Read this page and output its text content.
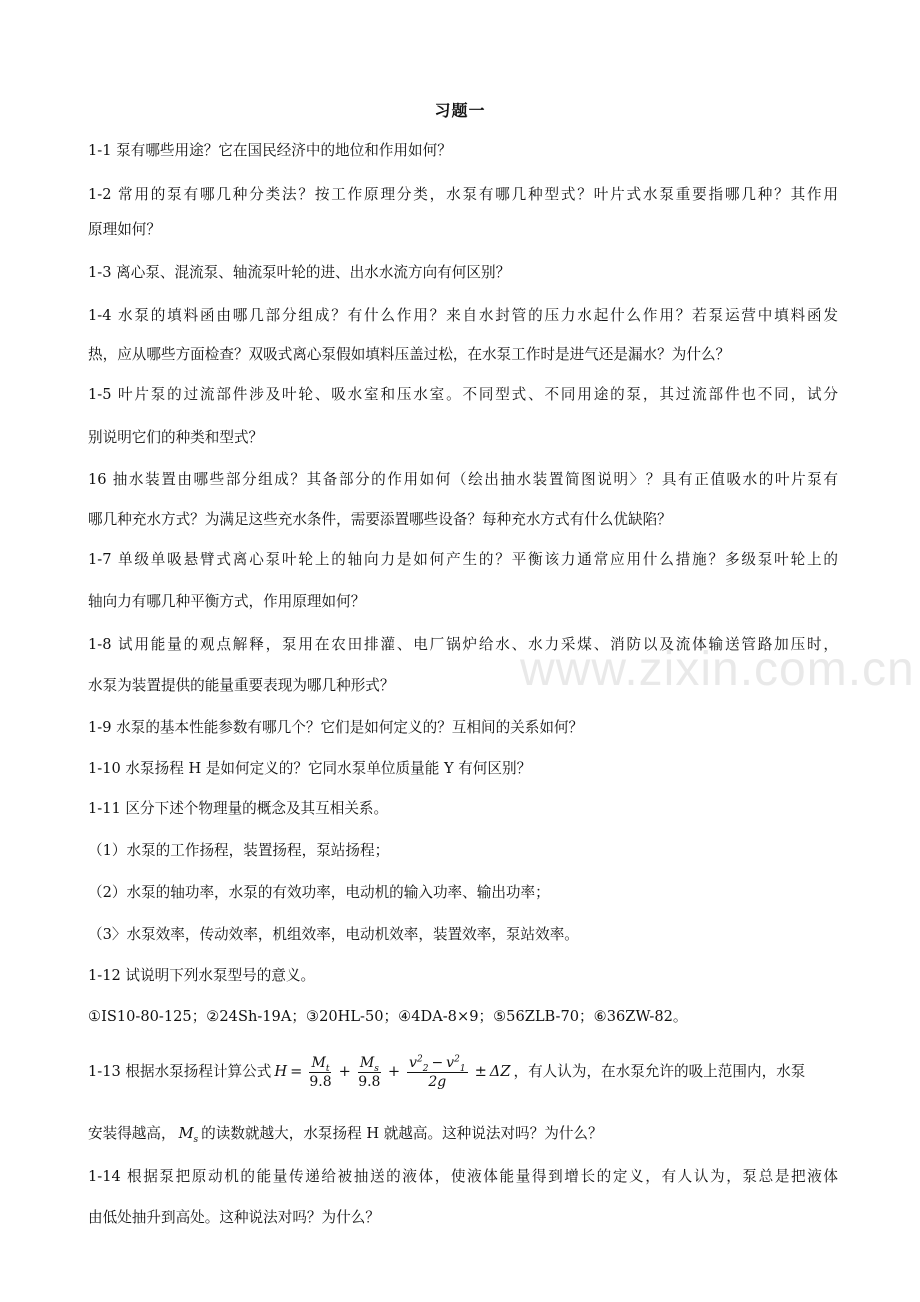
www.zixin.com.cn
习题一
1-1 泵有哪些用途？它在国民经济中的地位和作用如何？
1-2 常用的泵有哪几种分类法？按工作原理分类，水泵有哪几种型式？叶片式水泵重要指哪几种？其作用
原理如何？
1-3 离心泵、混流泵、轴流泵叶轮的进、出水水流方向有何区别？
1-4 水泵的填料函由哪几部分组成？有什么作用？来自水封管的压力水起什么作用？若泵运营中填料函发
热，应从哪些方面检查？双吸式离心泵假如填料压盖过松，在水泵工作时是进气还是漏水？为什么？
1-5 叶片泵的过流部件涉及叶轮、吸水室和压水室。不同型式、不同用途的泵，其过流部件也不同，试分
别说明它们的种类和型式？
16 抽水装置由哪些部分组成？其备部分的作用如何（绘出抽水装置简图说明〉？具有正值吸水的叶片泵有
哪几种充水方式？为满足这些充水条件，需要添置哪些设备？每种充水方式有什么优缺陷？
1-7 单级单吸悬臂式离心泵叶轮上的轴向力是如何产生的？平衡该力通常应用什么措施？多级泵叶轮上的
轴向力有哪几种平衡方式，作用原理如何？
1-8 试用能量的观点解释，泵用在农田排灌、电厂锅炉给水、水力采煤、消防以及流体输送管路加压时，
水泵为装置提供的能量重要表现为哪几种形式？
1-9 水泵的基本性能参数有哪几个？它们是如何定义的？互相间的关系如何？
1-10 水泵扬程 H 是如何定义的？它同水泵单位质量能 Y 有何区别？
1-11 区分下述个物理量的概念及其互相关系。
（1）水泵的工作扬程，装置扬程，泵站扬程；
（2）水泵的轴功率，水泵的有效功率，电动机的输入功率、输出功率；
（3〉水泵效率，传动效率，机组效率，电动机效率，装置效率，泵站效率。
1-12 试说明下列水泵型号的意义。
①IS10-80-125；②24Sh-19A；③20HL-50；④4DA-8×9；⑤56ZLB-70；⑥36ZW-82。
1-13 根据水泵扬程计算公式 $H = \frac{M_t}{9.8} + \frac{M_s}{9.8} + \frac{v^2_2 - v^2_1}{2g} \pm \Delta Z$ ，有人认为，在水泵允许的吸上范围内，水泵
安装得越高， $M_s$ 的读数就越大，水泵扬程 H 就越高。这种说法对吗？为什么？
1-14 根据泵把原动机的能量传递给被抽送的液体，使液体能量得到增长的定义，有人认为，泵总是把液体
由低处抽升到高处。这种说法对吗？为什么？
